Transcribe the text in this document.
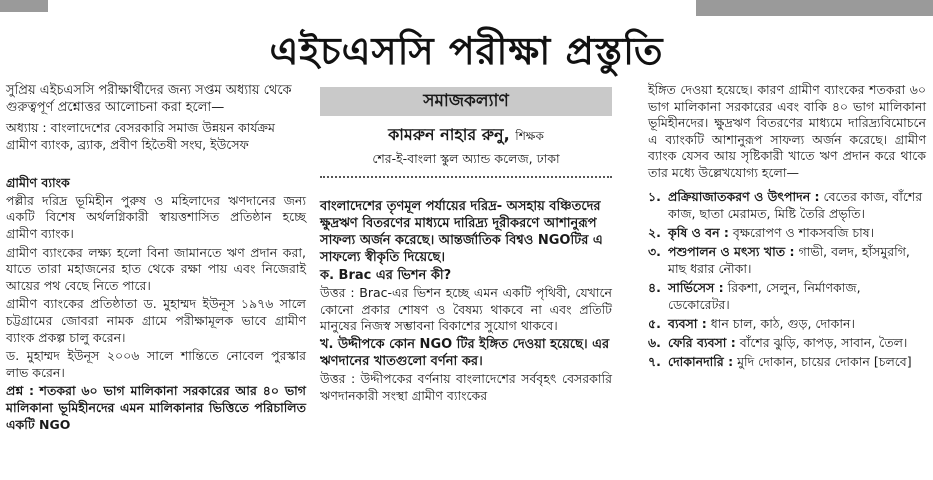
এইচএসসি পরীক্ষা প্রস্তুতি

সুপ্রিয় এইচএসসি পরীক্ষার্থীদের জন্য সপ্তম অধ্যায় থেকে গুরুত্বপূর্ণ প্রশ্নোত্তর আলোচনা করা হলো—

অধ্যায় : বাংলাদেশের বেসরকারি সমাজ উন্নয়ন কার্যক্রম গ্রামীণ ব্যাংক, ব্র্যাক, প্রবীণ হিতৈষী সংঘ, ইউসেফ

গ্রামীণ ব্যাংক

পল্লীর দরিদ্র ভূমিহীন পুরুষ ও মহিলাদের ঋণদানের জন্য একটি বিশেষ অর্থলগ্নিকারী স্বায়ত্তশাসিত প্রতিষ্ঠান হচ্ছে গ্রামীণ ব্যাংক।

গ্রামীণ ব্যাংকের লক্ষ্য হলো বিনা জামানতে ঋণ প্রদান করা, যাতে তারা মহাজনের হাত থেকে রক্ষা পায় এবং নিজেরাই আয়ের পথ বেছে নিতে পারে।

গ্রামীণ ব্যাংকের প্রতিষ্ঠাতা ড. মুহাম্মদ ইউনূস ১৯৭৬ সালে চট্টগ্রামের জোবরা নামক গ্রামে পরীক্ষামূলক ভাবে গ্রামীণ ব্যাংক প্রকল্প চালু করেন।

ড. মুহাম্মদ ইউনূস ২০০৬ সালে শান্তিতে নোবেল পুরস্কার লাভ করেন।

প্রশ্ন : শতকরা ৬০ ভাগ মালিকানা সরকারের আর ৪০ ভাগ মালিকানা ভূমিহীনদের এমন মালিকানার ভিত্তিতে পরিচালিত একটি NGO

সমাজকল্যাণ
কামরুন নাহার রুনু, শিক্ষক
শের-ই-বাংলা স্কুল অ্যান্ড কলেজ, ঢাকা

বাংলাদেশের তৃণমূল পর্যায়ের দরিদ্র- অসহায় বঞ্চিতদের ক্ষুদ্রঋণ বিতরণের মাধ্যমে দারিদ্র্য দূরীকরণে আশানুরূপ সাফল্য অর্জন করেছে। আন্তর্জাতিক বিশ্বও NGOটির এ সাফল্যে স্বীকৃতি দিয়েছে।

ক. Brac এর ভিশন কী?

উত্তর : Brac-এর ভিশন হচ্ছে এমন একটি পৃথিবী, যেখানে কোনো প্রকার শোষণ ও বৈষম্য থাকবে না এবং প্রতিটি মানুষের নিজস্ব সম্ভাবনা বিকাশের সুযোগ থাকবে।

খ. উদ্দীপকে কোন NGO টির ইঙ্গিত দেওয়া হয়েছে। এর ঋণদানের খাতগুলো বর্ণনা কর।

উত্তর : উদ্দীপকের বর্ণনায় বাংলাদেশের সর্ববৃহৎ বেসরকারি ঋণদানকারী সংস্থা গ্রামীণ ব্যাংকের

ইঙ্গিত দেওয়া হয়েছে। কারণ গ্রামীণ ব্যাংকের শতকরা ৬০ ভাগ মালিকানা সরকারের এবং বাকি ৪০ ভাগ মালিকানা ভূমিহীনদের। ক্ষুদ্রঋণ বিতরণের মাধ্যমে দারিদ্র্যবিমোচনে এ ব্যাংকটি আশানুরূপ সাফল্য অর্জন করেছে। গ্রামীণ ব্যাংক যেসব আয় সৃষ্টিকারী খাতে ঋণ প্রদান করে থাকে তার মধ্যে উল্লেখযোগ্য হলো—

১. প্রক্রিয়াজাতকরণ ও উৎপাদন : বেতের কাজ, বাঁশের কাজ, ছাতা মেরামত, মিষ্টি তৈরি প্রভৃতি।
২. কৃষি ও বন : বৃক্ষরোপণ ও শাকসবজি চাষ।
৩. পশুপালন ও মৎস্য খাত : গাভী, বলদ, হাঁসমুরগি, মাছ ধরার নৌকা।
৪. সার্ভিসেস : রিকশা, সেলুন, নির্মাণকাজ, ডেকোরেটর।
৫. ব্যবসা : ধান চাল, কাঠ, গুড়, দোকান।
৬. ফেরি ব্যবসা : বাঁশের ঝুড়ি, কাপড়, সাবান, তৈল।
৭. দোকানদারি : মুদি দোকান, চায়ের দোকান [চলবে]
